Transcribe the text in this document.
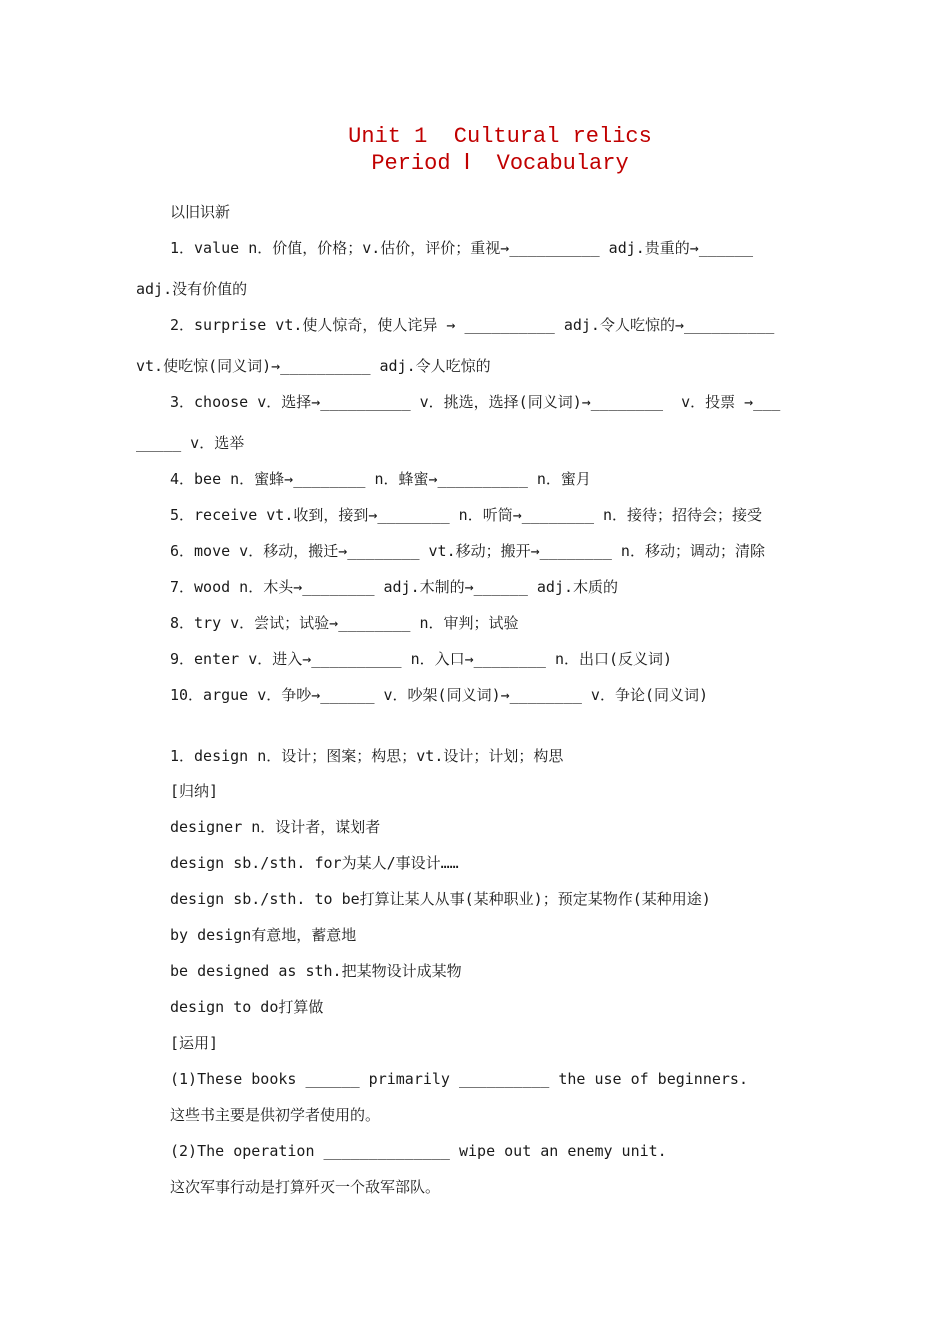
Unit 1  Cultural relics
Period Ⅰ  Vocabulary
以旧识新
1．value n．价值，价格；v.估价，评价；重视→__________ adj.贵重的→______
adj.没有价值的
2．surprise vt.使人惊奇，使人诧异 → __________ adj.令人吃惊的→__________
vt.使吃惊(同义词)→__________ adj.令人吃惊的
3．choose v．选择→__________ v．挑选，选择(同义词)→________  v．投票 →___
_____ v．选举
4．bee n．蜜蜂→________ n．蜂蜜→__________ n．蜜月
5．receive vt.收到，接到→________ n．听筒→________ n．接待；招待会；接受
6．move v．移动，搬迁→________ vt.移动；搬开→________ n．移动；调动；清除
7．wood n．木头→________ adj.木制的→______ adj.木质的
8．try v．尝试；试验→________ n．审判；试验
9．enter v．进入→__________ n．入口→________ n．出口(反义词)
10．argue v．争吵→______ v．吵架(同义词)→________ v．争论(同义词)
1．design n．设计；图案；构思；vt.设计；计划；构思
[归纳]
designer n．设计者，谋划者
design sb./sth. for为某人/事设计……
design sb./sth. to be打算让某人从事(某种职业)；预定某物作(某种用途)
by design有意地，蓄意地
be designed as sth.把某物设计成某物
design to do打算做
[运用]
(1)These books ______ primarily __________ the use of beginners.
这些书主要是供初学者使用的。
(2)The operation ______________ wipe out an enemy unit.
这次军事行动是打算歼灭一个敌军部队。
